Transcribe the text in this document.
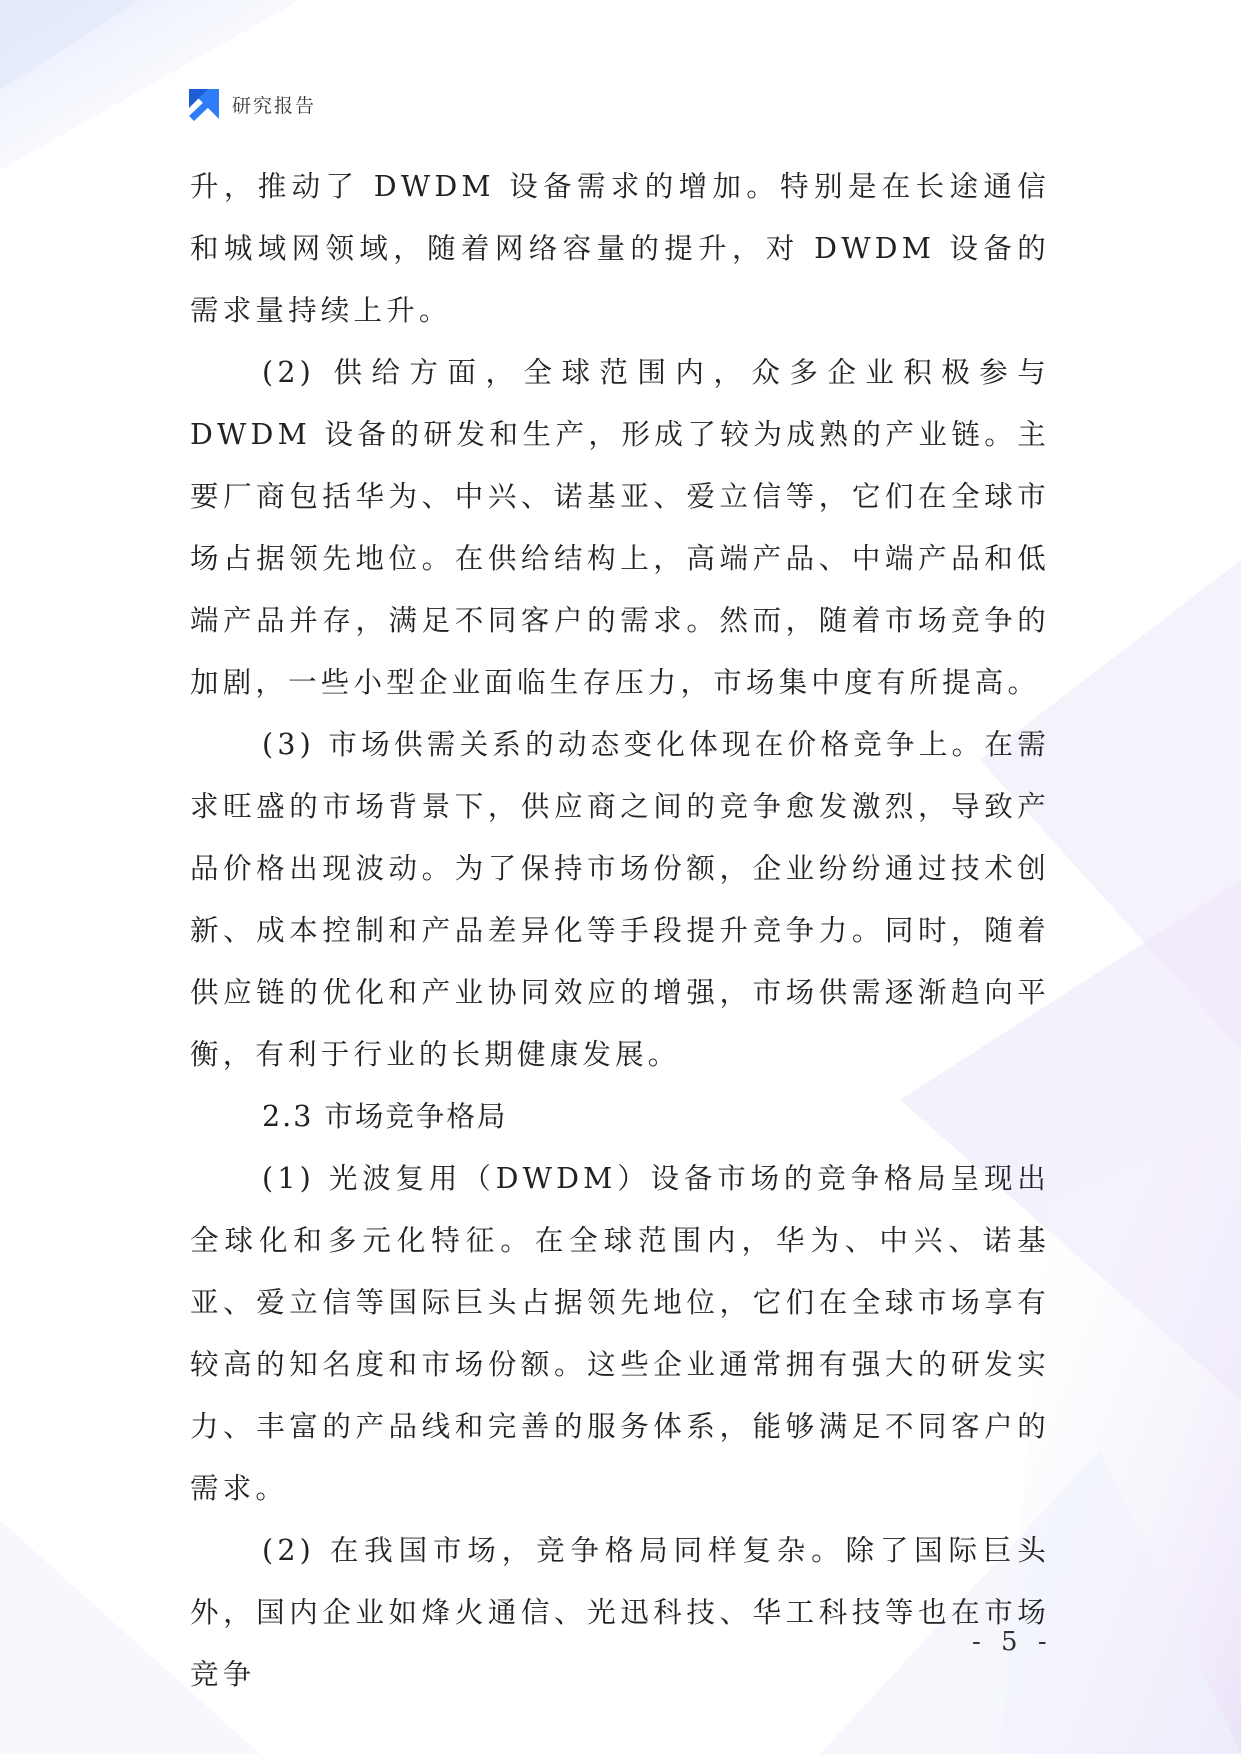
研究报告

升，推动了 DWDM 设备需求的增加。特别是在长途通信和城域网领域，随着网络容量的提升，对 DWDM 设备的需求量持续上升。

(2) 供给方面，全球范围内，众多企业积极参与 DWDM 设备的研发和生产，形成了较为成熟的产业链。主要厂商包括华为、中兴、诺基亚、爱立信等，它们在全球市场占据领先地位。在供给结构上，高端产品、中端产品和低端产品并存，满足不同客户的需求。然而，随着市场竞争的加剧，一些小型企业面临生存压力，市场集中度有所提高。

(3) 市场供需关系的动态变化体现在价格竞争上。在需求旺盛的市场背景下，供应商之间的竞争愈发激烈，导致产品价格出现波动。为了保持市场份额，企业纷纷通过技术创新、成本控制和产品差异化等手段提升竞争力。同时，随着供应链的优化和产业协同效应的增强，市场供需逐渐趋向平衡，有利于行业的长期健康发展。

2.3 市场竞争格局

(1) 光波复用（DWDM）设备市场的竞争格局呈现出全球化和多元化特征。在全球范围内，华为、中兴、诺基亚、爱立信等国际巨头占据领先地位，它们在全球市场享有较高的知名度和市场份额。这些企业通常拥有强大的研发实力、丰富的产品线和完善的服务体系，能够满足不同客户的需求。

(2) 在我国市场，竞争格局同样复杂。除了国际巨头外，国内企业如烽火通信、光迅科技、华工科技等也在市场竞争

- 5 -
